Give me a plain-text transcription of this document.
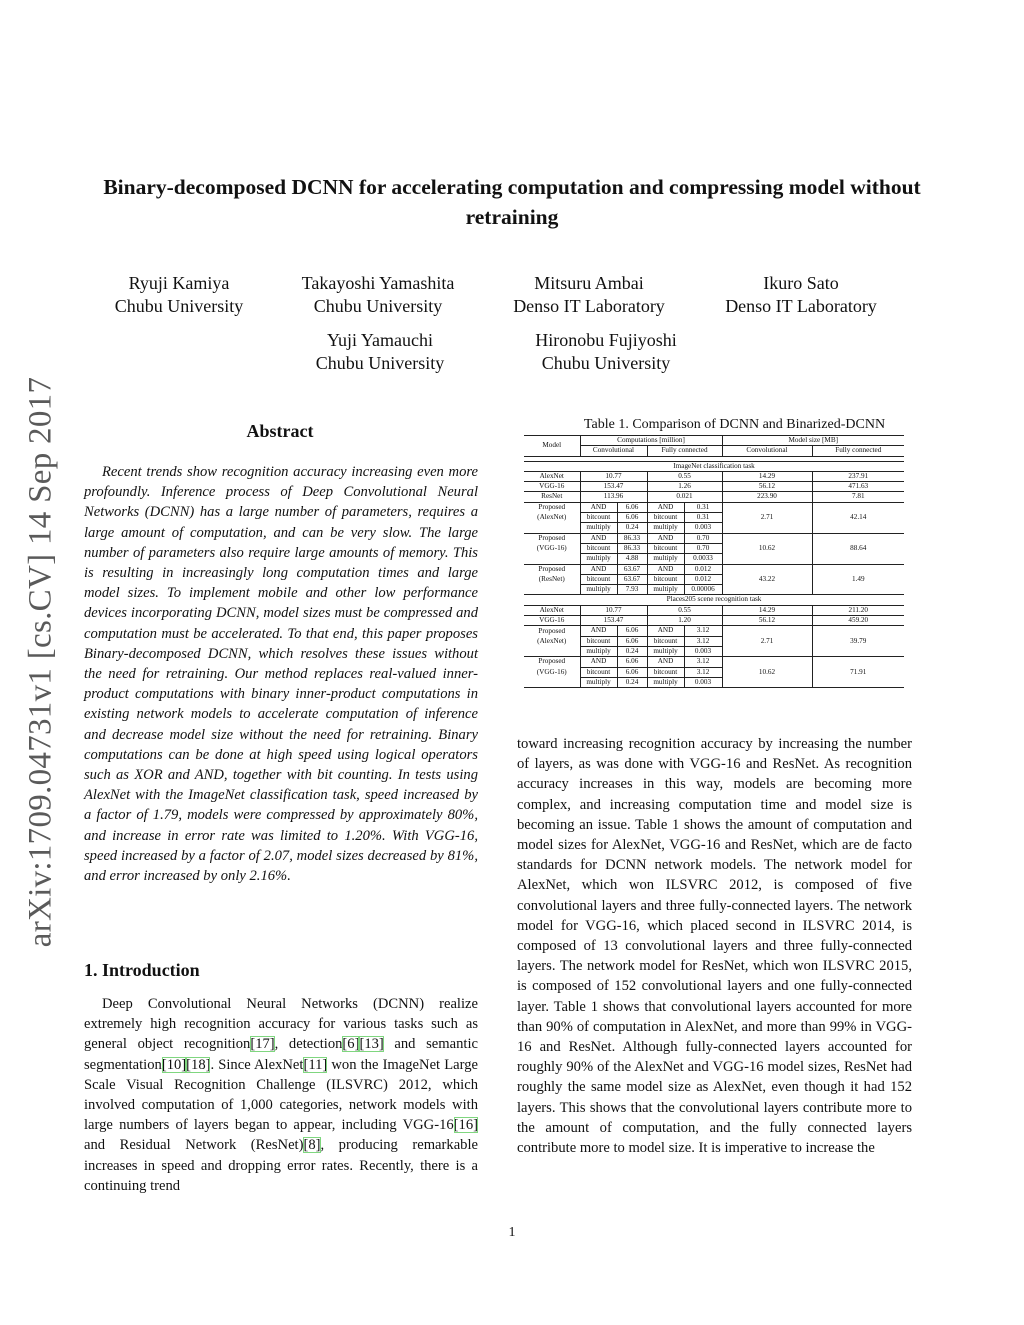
arXiv:1709.04731v1 [cs.CV] 14 Sep 2017
Binary-decomposed DCNN for accelerating computation and compressing model without retraining
Ryuji Kamiya
Chubu University
Takayoshi Yamashita
Chubu University
Mitsuru Ambai
Denso IT Laboratory
Ikuro Sato
Denso IT Laboratory
Yuji Yamauchi
Chubu University
Hironobu Fujiyoshi
Chubu University
Abstract

Recent trends show recognition accuracy increasing even more profoundly. Inference process of Deep Convolutional Neural Networks (DCNN) has a large number of parameters, requires a large amount of computation, and can be very slow. The large number of parameters also require large amounts of memory. This is resulting in increasingly long computation times and large model sizes. To implement mobile and other low performance devices incorporating DCNN, model sizes must be compressed and computation must be accelerated. To that end, this paper proposes Binary-decomposed DCNN, which resolves these issues without the need for retraining. Our method replaces real-valued inner-product computations with binary inner-product computations in existing network models to accelerate computation of inference and decrease model size without the need for retraining. Binary computations can be done at high speed using logical operators such as XOR and AND, together with bit counting. In tests using AlexNet with the ImageNet classification task, speed increased by a factor of 1.79, models were compressed by approximately 80%, and increase in error rate was limited to 1.20%. With VGG-16, speed increased by a factor of 2.07, model sizes decreased by 81%, and error increased by only 2.16%.

1. Introduction

Deep Convolutional Neural Networks (DCNN) realize extremely high recognition accuracy for various tasks such as general object recognition[17], detection[6][13] and semantic segmentation[10][18]. Since AlexNet[11] won the ImageNet Large Scale Visual Recognition Challenge (ILSVRC) 2012, which involved computation of 1,000 categories, network models with large numbers of layers began to appear, including VGG-16[16] and Residual Network (ResNet)[8], producing remarkable increases in speed and dropping error rates. Recently, there is a continuing trend

toward increasing recognition accuracy by increasing the number of layers, as was done with VGG-16 and ResNet. As recognition accuracy increases in this way, models are becoming more complex, and increasing computation time and model size is becoming an issue. Table 1 shows the amount of computation and model sizes for AlexNet, VGG-16 and ResNet, which are de facto standards for DCNN network models. The network model for AlexNet, which won ILSVRC 2012, is composed of five convolutional layers and three fully-connected layers. The network model for VGG-16, which placed second in ILSVRC 2014, is composed of 13 convolutional layers and three fully-connected layers. The network model for ResNet, which won ILSVRC 2015, is composed of 152 convolutional layers and one fully-connected layer. Table 1 shows that convolutional layers accounted for more than 90% of computation in AlexNet, and more than 99% in VGG-16 and ResNet. Although fully-connected layers accounted for roughly 90% of the AlexNet and VGG-16 model sizes, ResNet had roughly the same model size as AlexNet, even though it had 152 layers. This shows that the convolutional layers contribute more to the amount of computation, and the fully connected layers contribute more to model size. It is imperative to increase the

Table 1. Comparison of DCNN and Binarized-DCNN
Model	Computations [million]				Model size [MB]	
	Convolutional		Fully connected		Convolutional	Fully connected

ImageNet classification task						
AlexNet	10.77		0.55		14.29	237.91
VGG-16	153.47		1.26		56.12	471.63
ResNet	113.96		0.021		223.90	7.81
Proposed	AND	6.06	AND	0.31	2.71	42.14
(AlexNet)	bitcount	6.06	bitcount	0.31		
	multiply	0.24	multiply	0.003		
Proposed	AND	86.33	AND	0.70	10.62	88.64
(VGG-16)	bitcount	86.33	bitcount	0.70		
	multiply	4.88	multiply	0.0033		
Proposed	AND	63.67	AND	0.012	43.22	1.49
(ResNet)	bitcount	63.67	bitcount	0.012		
	multiply	7.93	multiply	0.00006		
Places205 scene recognition task						
AlexNet	10.77		0.55		14.29	211.20
VGG-16	153.47		1.20		56.12	459.20
Proposed	AND	6.06	AND	3.12	2.71	39.79
(AlexNet)	bitcount	6.06	bitcount	3.12		
	multiply	0.24	multiply	0.003		
Proposed	AND	6.06	AND	3.12	10.62	71.91
(VGG-16)	bitcount	6.06	bitcount	3.12		
	multiply	0.24	multiply	0.003		
1
